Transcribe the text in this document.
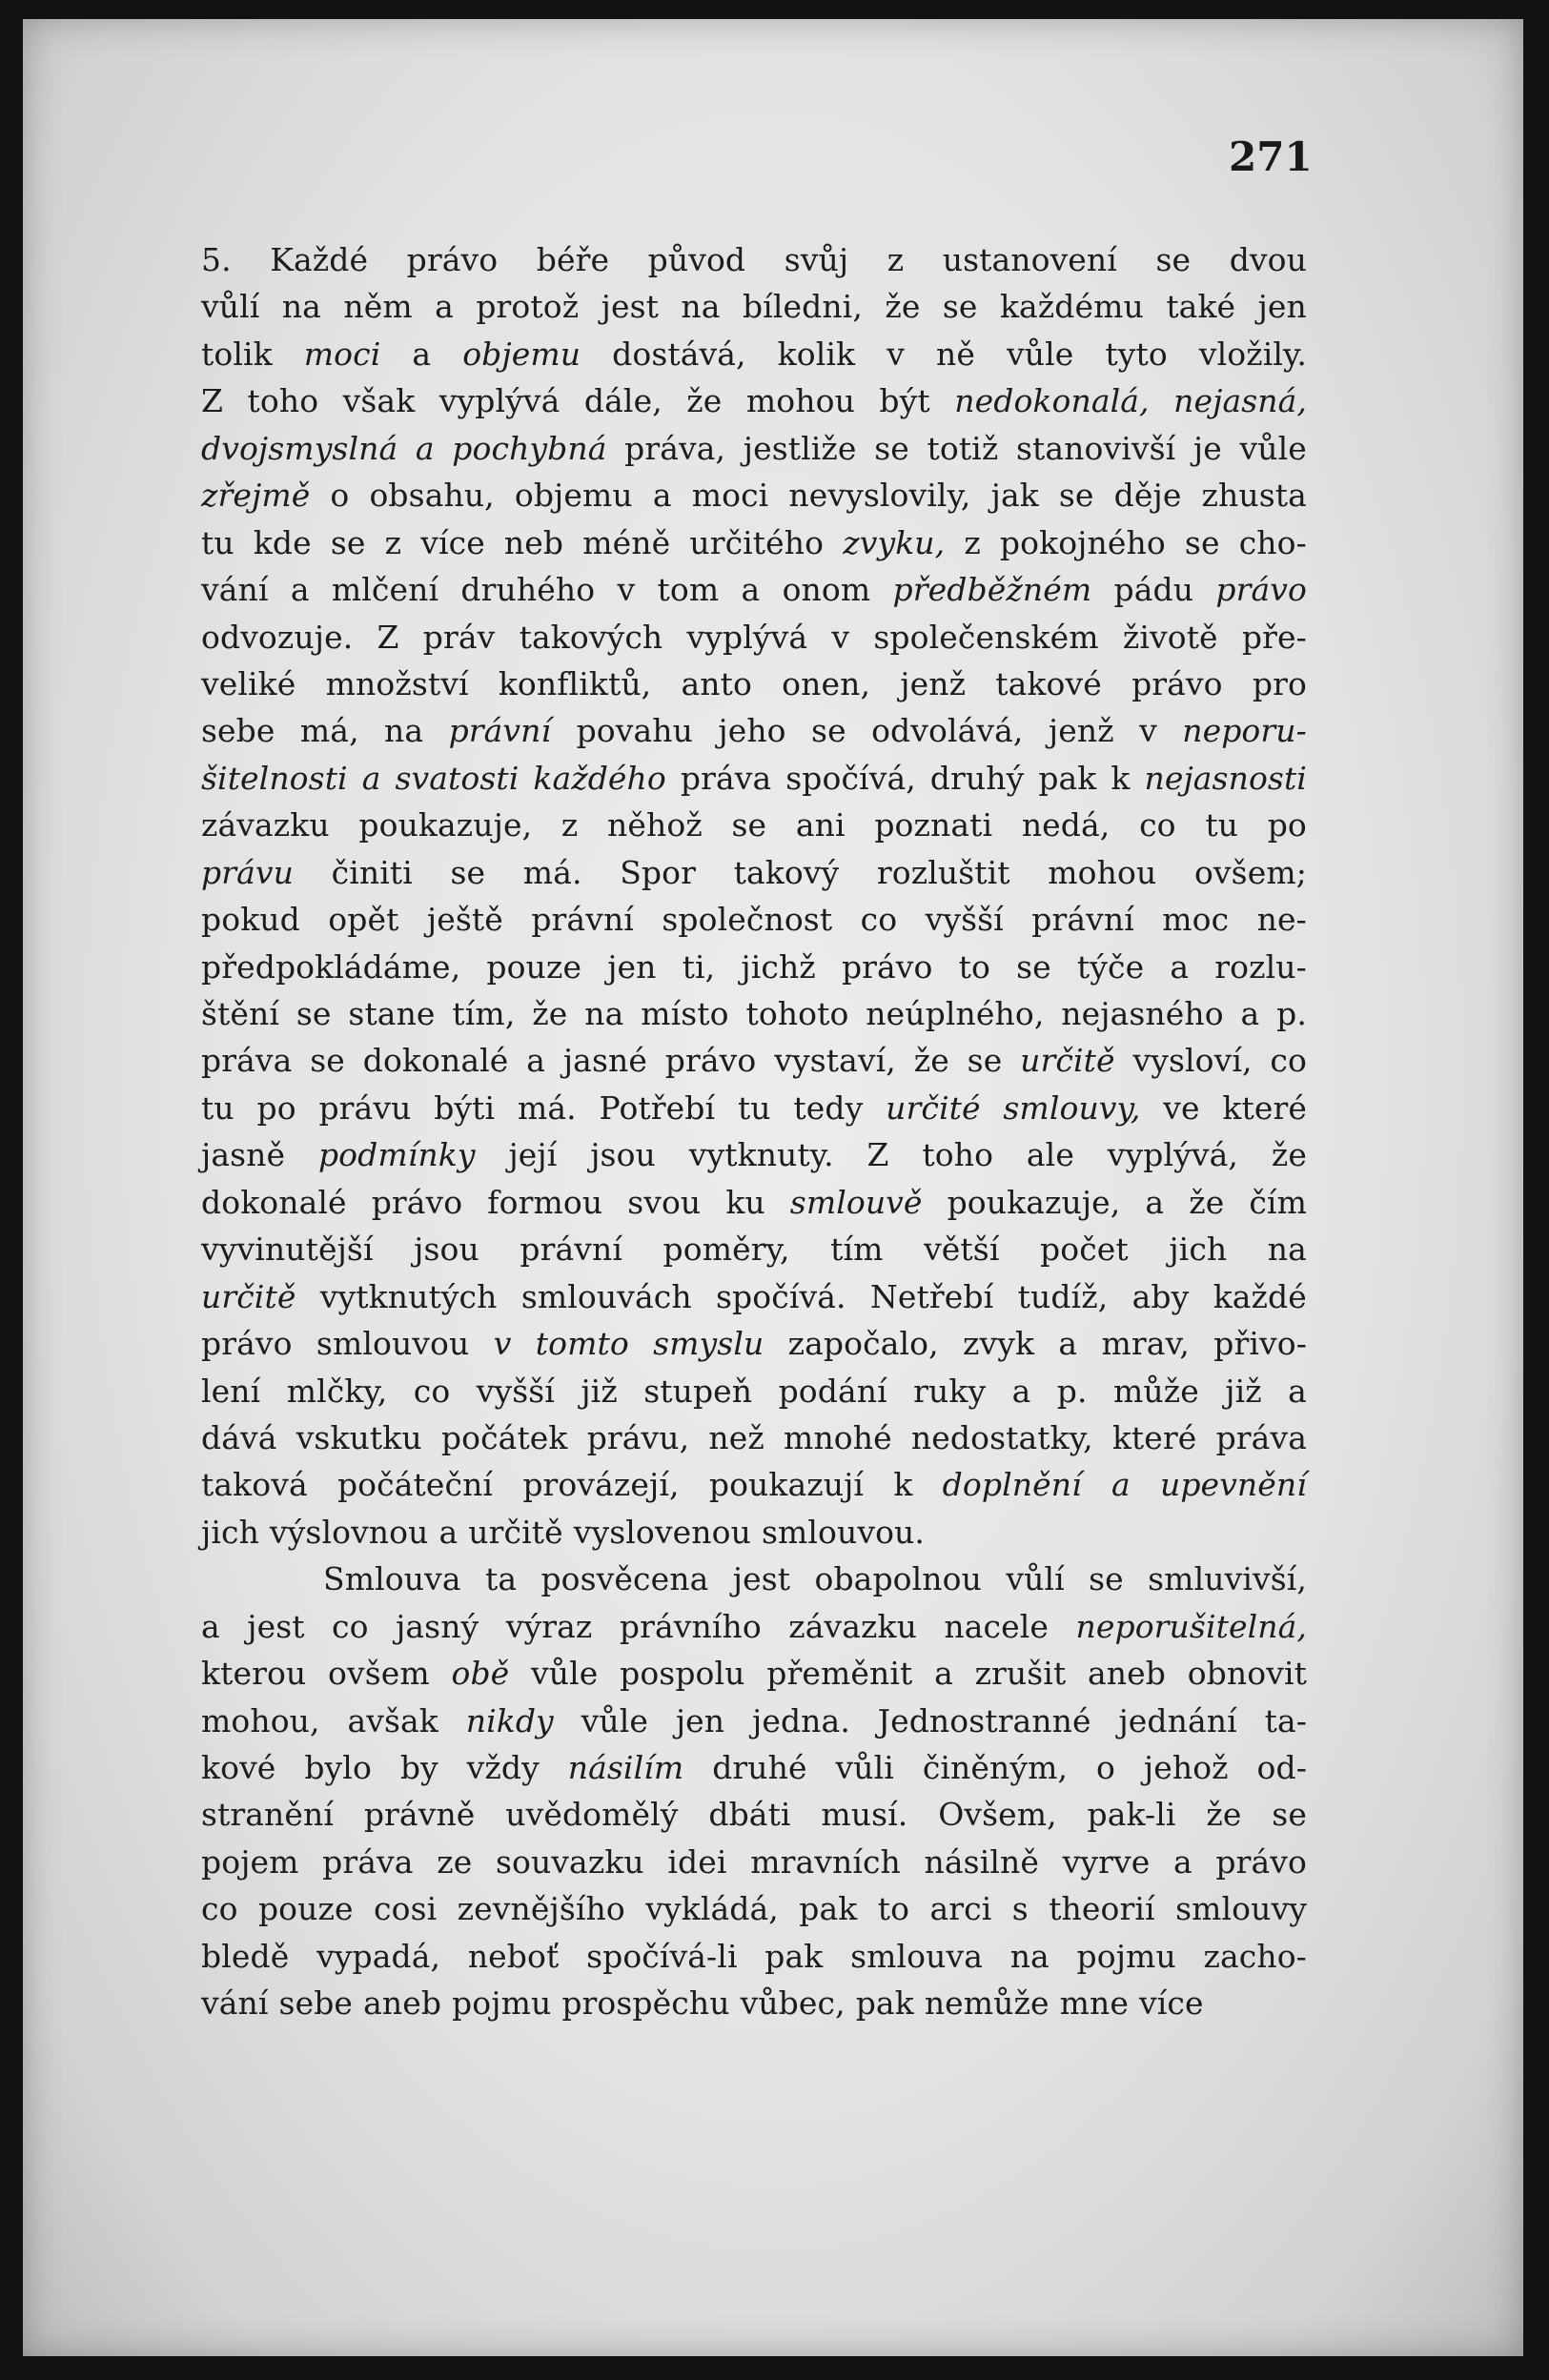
271
5. Každé právo béře původ svůj z ustanovení se dvou
vůlí na něm a protož jest na bíledni, že se každému také jen
tolik moci a objemu dostává, kolik v ně vůle tyto vložily.
Z toho však vyplývá dále, že mohou být nedokonalá, nejasná,
dvojsmyslná a pochybná práva, jestliže se totiž stanovivší je vůle
zřejmě o obsahu, objemu a moci nevyslovily, jak se děje zhusta
tu kde se z více neb méně určitého zvyku, z pokojného se cho-
vání a mlčení druhého v tom a onom předběžném pádu právo
odvozuje. Z práv takových vyplývá v společenském životě pře-
veliké množství konfliktů, anto onen, jenž takové právo pro
sebe má, na právní povahu jeho se odvolává, jenž v neporu-
šitelnosti a svatosti každého práva spočívá, druhý pak k nejasnosti
závazku poukazuje, z něhož se ani poznati nedá, co tu po
právu činiti se má. Spor takový rozluštit mohou ovšem;
pokud opět ještě právní společnost co vyšší právní moc ne-
předpokládáme, pouze jen ti, jichž právo to se týče a rozlu-
štění se stane tím, že na místo tohoto neúplného, nejasného a p.
práva se dokonalé a jasné právo vystaví, že se určitě vysloví, co
tu po právu býti má. Potřebí tu tedy určité smlouvy, ve které
jasně podmínky její jsou vytknuty. Z toho ale vyplývá, že
dokonalé právo formou svou ku smlouvě poukazuje, a že čím
vyvinutější jsou právní poměry, tím větší počet jich na
určitě vytknutých smlouvách spočívá. Netřebí tudíž, aby každé
právo smlouvou v tomto smyslu započalo, zvyk a mrav, přivo-
lení mlčky, co vyšší již stupeň podání ruky a p. může již a
dává vskutku počátek právu, než mnohé nedostatky, které práva
taková počáteční provázejí, poukazují k doplnění a upevnění
jich výslovnou a určitě vyslovenou smlouvou.
Smlouva ta posvěcena jest obapolnou vůlí se smluvivší,
a jest co jasný výraz právního závazku nacele neporušitelná,
kterou ovšem obě vůle pospolu přeměnit a zrušit aneb obnovit
mohou, avšak nikdy vůle jen jedna. Jednostranné jednání ta-
kové bylo by vždy násilím druhé vůli činěným, o jehož od-
stranění právně uvědomělý dbáti musí. Ovšem, pak-li že se
pojem práva ze souvazku idei mravních násilně vyrve a právo
co pouze cosi zevnějšího vykládá, pak to arci s theorií smlouvy
bledě vypadá, neboť spočívá-li pak smlouva na pojmu zacho-
vání sebe aneb pojmu prospěchu vůbec, pak nemůže mne více
